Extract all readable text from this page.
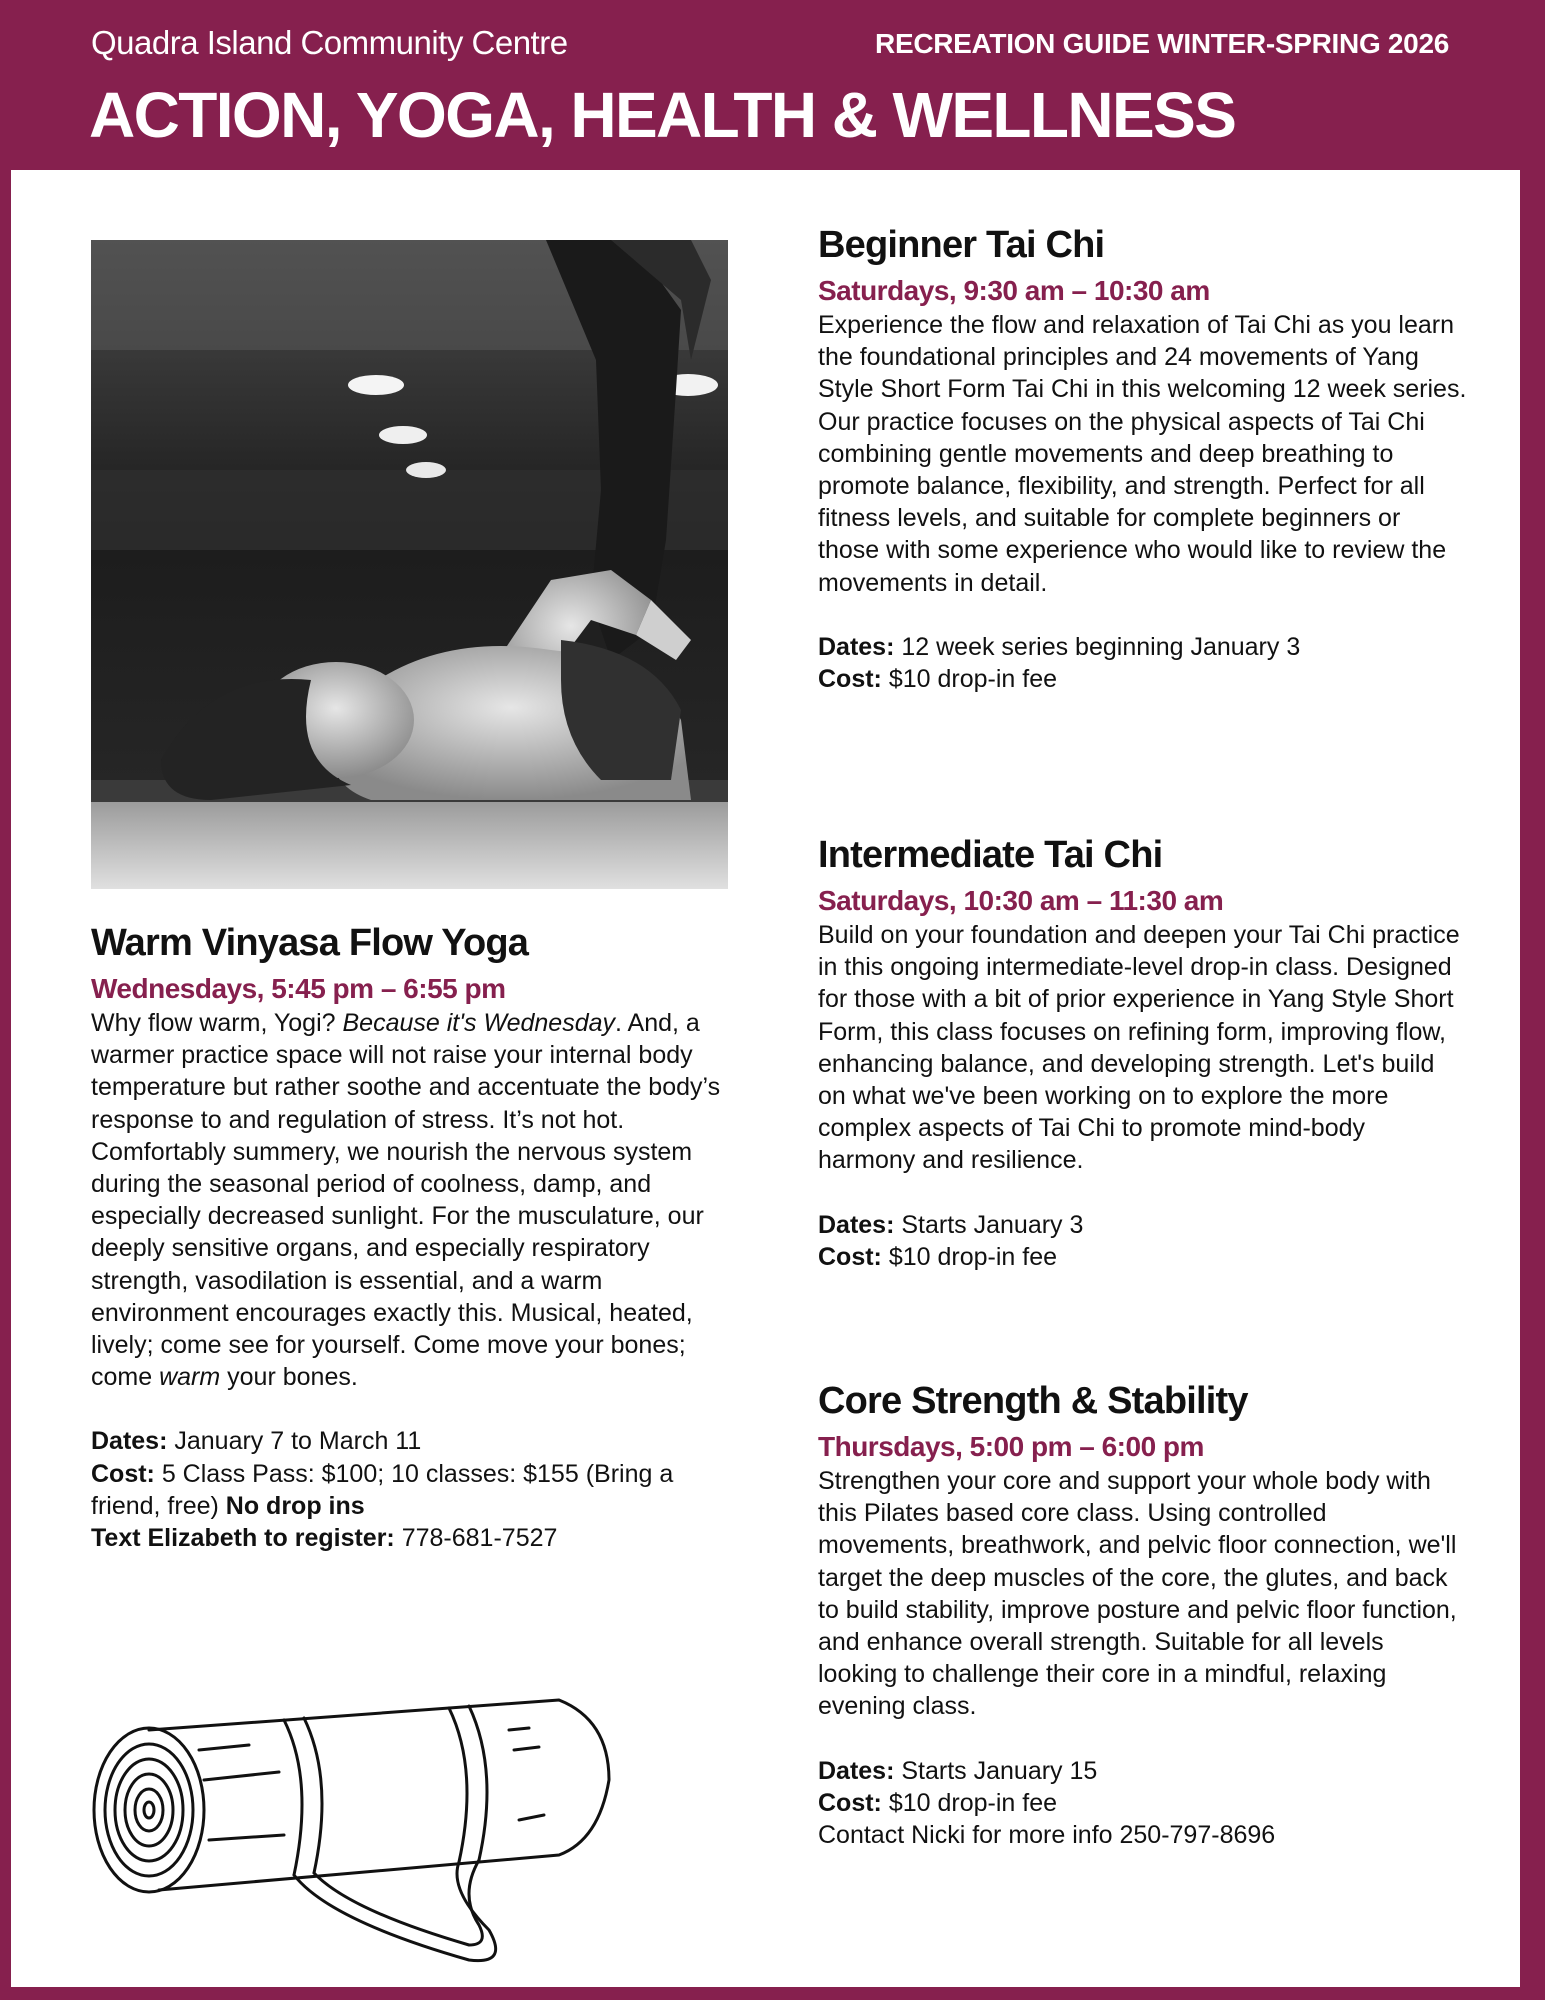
Quadra Island Community Centre	RECREATION GUIDE WINTER-SPRING 2026
ACTION, YOGA, HEALTH & WELLNESS
Warm Vinyasa Flow Yoga
Wednesdays, 5:45 pm – 6:55 pm
Why flow warm, Yogi? Because it's Wednesday. And, a warmer practice space will not raise your internal body temperature but rather soothe and accentuate the body’s response to and regulation of stress. It’s not hot. Comfortably summery, we nourish the nervous system during the seasonal period of coolness, damp, and especially decreased sunlight. For the musculature, our deeply sensitive organs, and especially respiratory strength, vasodilation is essential, and a warm environment encourages exactly this. Musical, heated, lively; come see for yourself. Come move your bones; come warm your bones.
Dates: January 7 to March 11
Cost: 5 Class Pass: $100; 10 classes: $155 (Bring a friend, free) No drop ins
Text Elizabeth to register: 778-681-7527
Beginner Tai Chi
Saturdays, 9:30 am – 10:30 am
Experience the flow and relaxation of Tai Chi as you learn the foundational principles and 24 movements of Yang Style Short Form Tai Chi in this welcoming 12 week series. Our practice focuses on the physical aspects of Tai Chi combining gentle movements and deep breathing to promote balance, flexibility, and strength. Perfect for all fitness levels, and suitable for complete beginners or those with some experience who would like to review the movements in detail.
Dates: 12 week series beginning January 3
Cost: $10 drop-in fee
Intermediate Tai Chi
Saturdays, 10:30 am – 11:30 am
Build on your foundation and deepen your Tai Chi practice in this ongoing intermediate-level drop-in class. Designed for those with a bit of prior experience in Yang Style Short Form, this class focuses on refining form, improving flow, enhancing balance, and developing strength. Let's build on what we've been working on to explore the more complex aspects of Tai Chi to promote mind-body harmony and resilience.
Dates: Starts January 3
Cost: $10 drop-in fee
Core Strength & Stability
Thursdays, 5:00 pm – 6:00 pm
Strengthen your core and support your whole body with this Pilates based core class. Using controlled movements, breathwork, and pelvic floor connection, we'll target the deep muscles of the core, the glutes, and back to build stability, improve posture and pelvic floor function, and enhance overall strength. Suitable for all levels looking to challenge their core in a mindful, relaxing evening class.
Dates: Starts January 15
Cost: $10 drop-in fee
Contact Nicki for more info 250-797-8696
